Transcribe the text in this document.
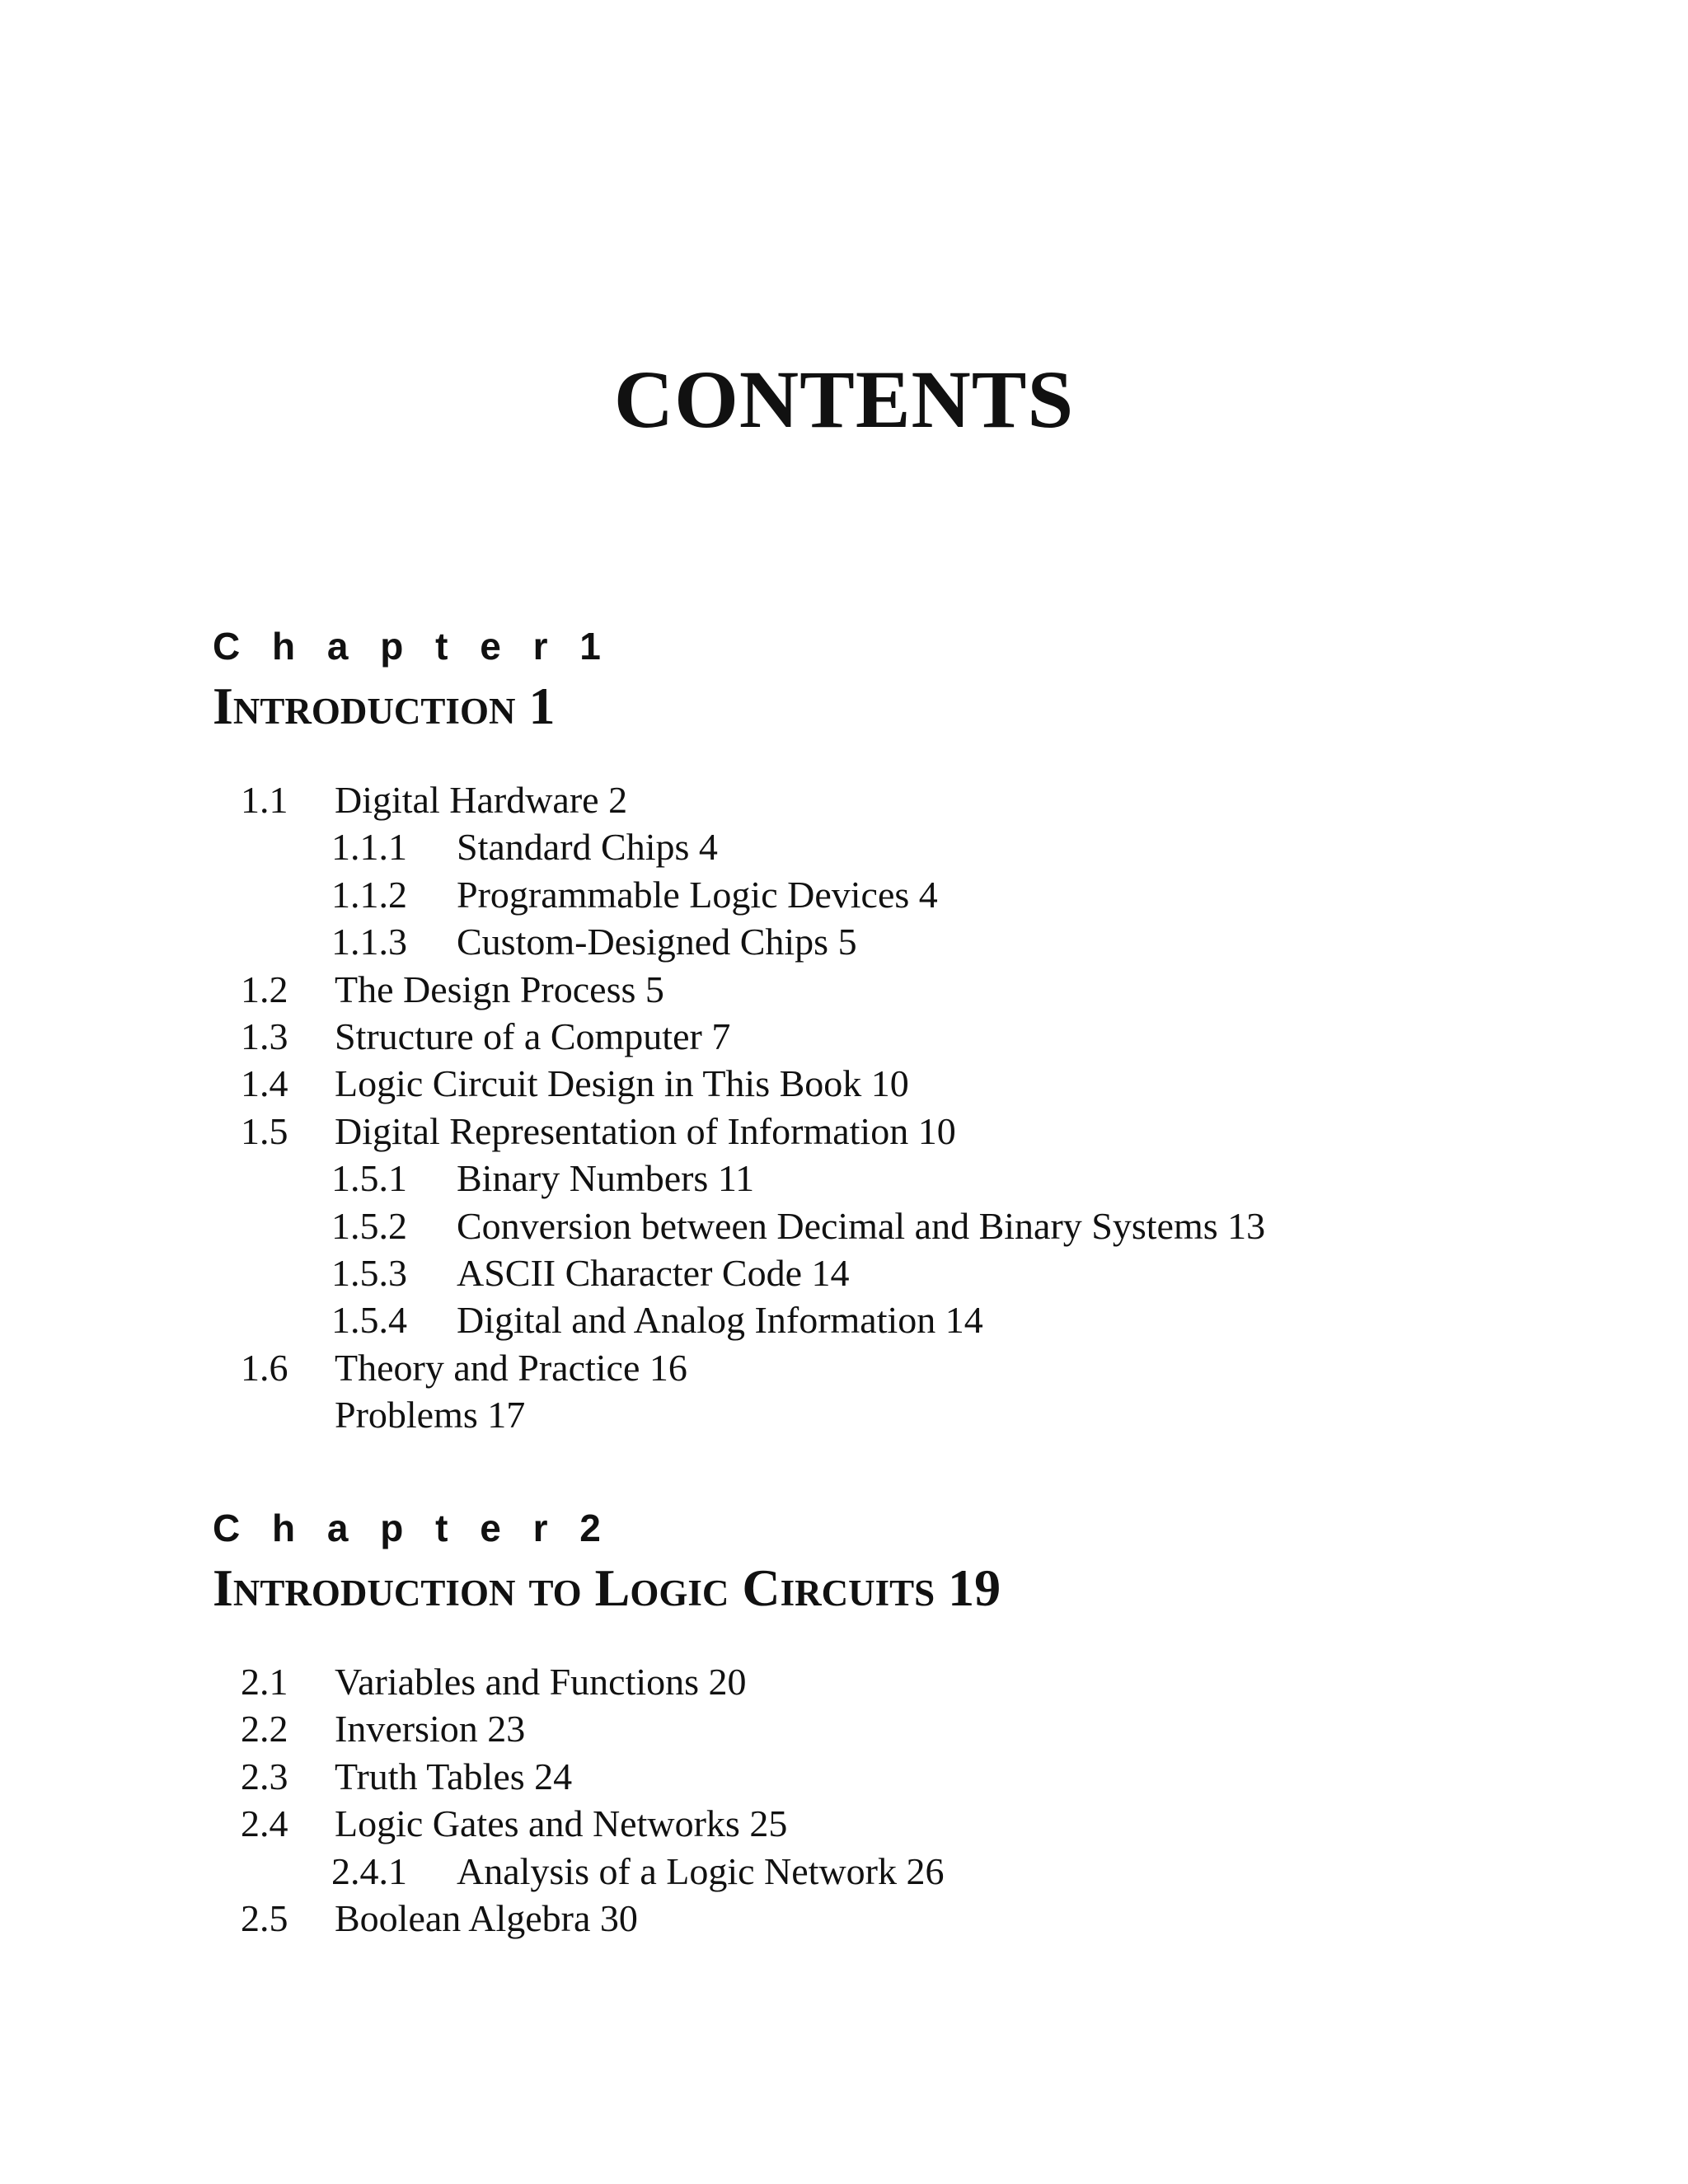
CONTENTS
C h a p t e r 1
Introduction 1
1.1 Digital Hardware 2
1.1.1 Standard Chips 4
1.1.2 Programmable Logic Devices 4
1.1.3 Custom-Designed Chips 5
1.2 The Design Process 5
1.3 Structure of a Computer 7
1.4 Logic Circuit Design in This Book 10
1.5 Digital Representation of Information 10
1.5.1 Binary Numbers 11
1.5.2 Conversion between Decimal and Binary Systems 13
1.5.3 ASCII Character Code 14
1.5.4 Digital and Analog Information 14
1.6 Theory and Practice 16
Problems 17
C h a p t e r 2
Introduction to Logic Circuits 19
2.1 Variables and Functions 20
2.2 Inversion 23
2.3 Truth Tables 24
2.4 Logic Gates and Networks 25
2.4.1 Analysis of a Logic Network 26
2.5 Boolean Algebra 30
